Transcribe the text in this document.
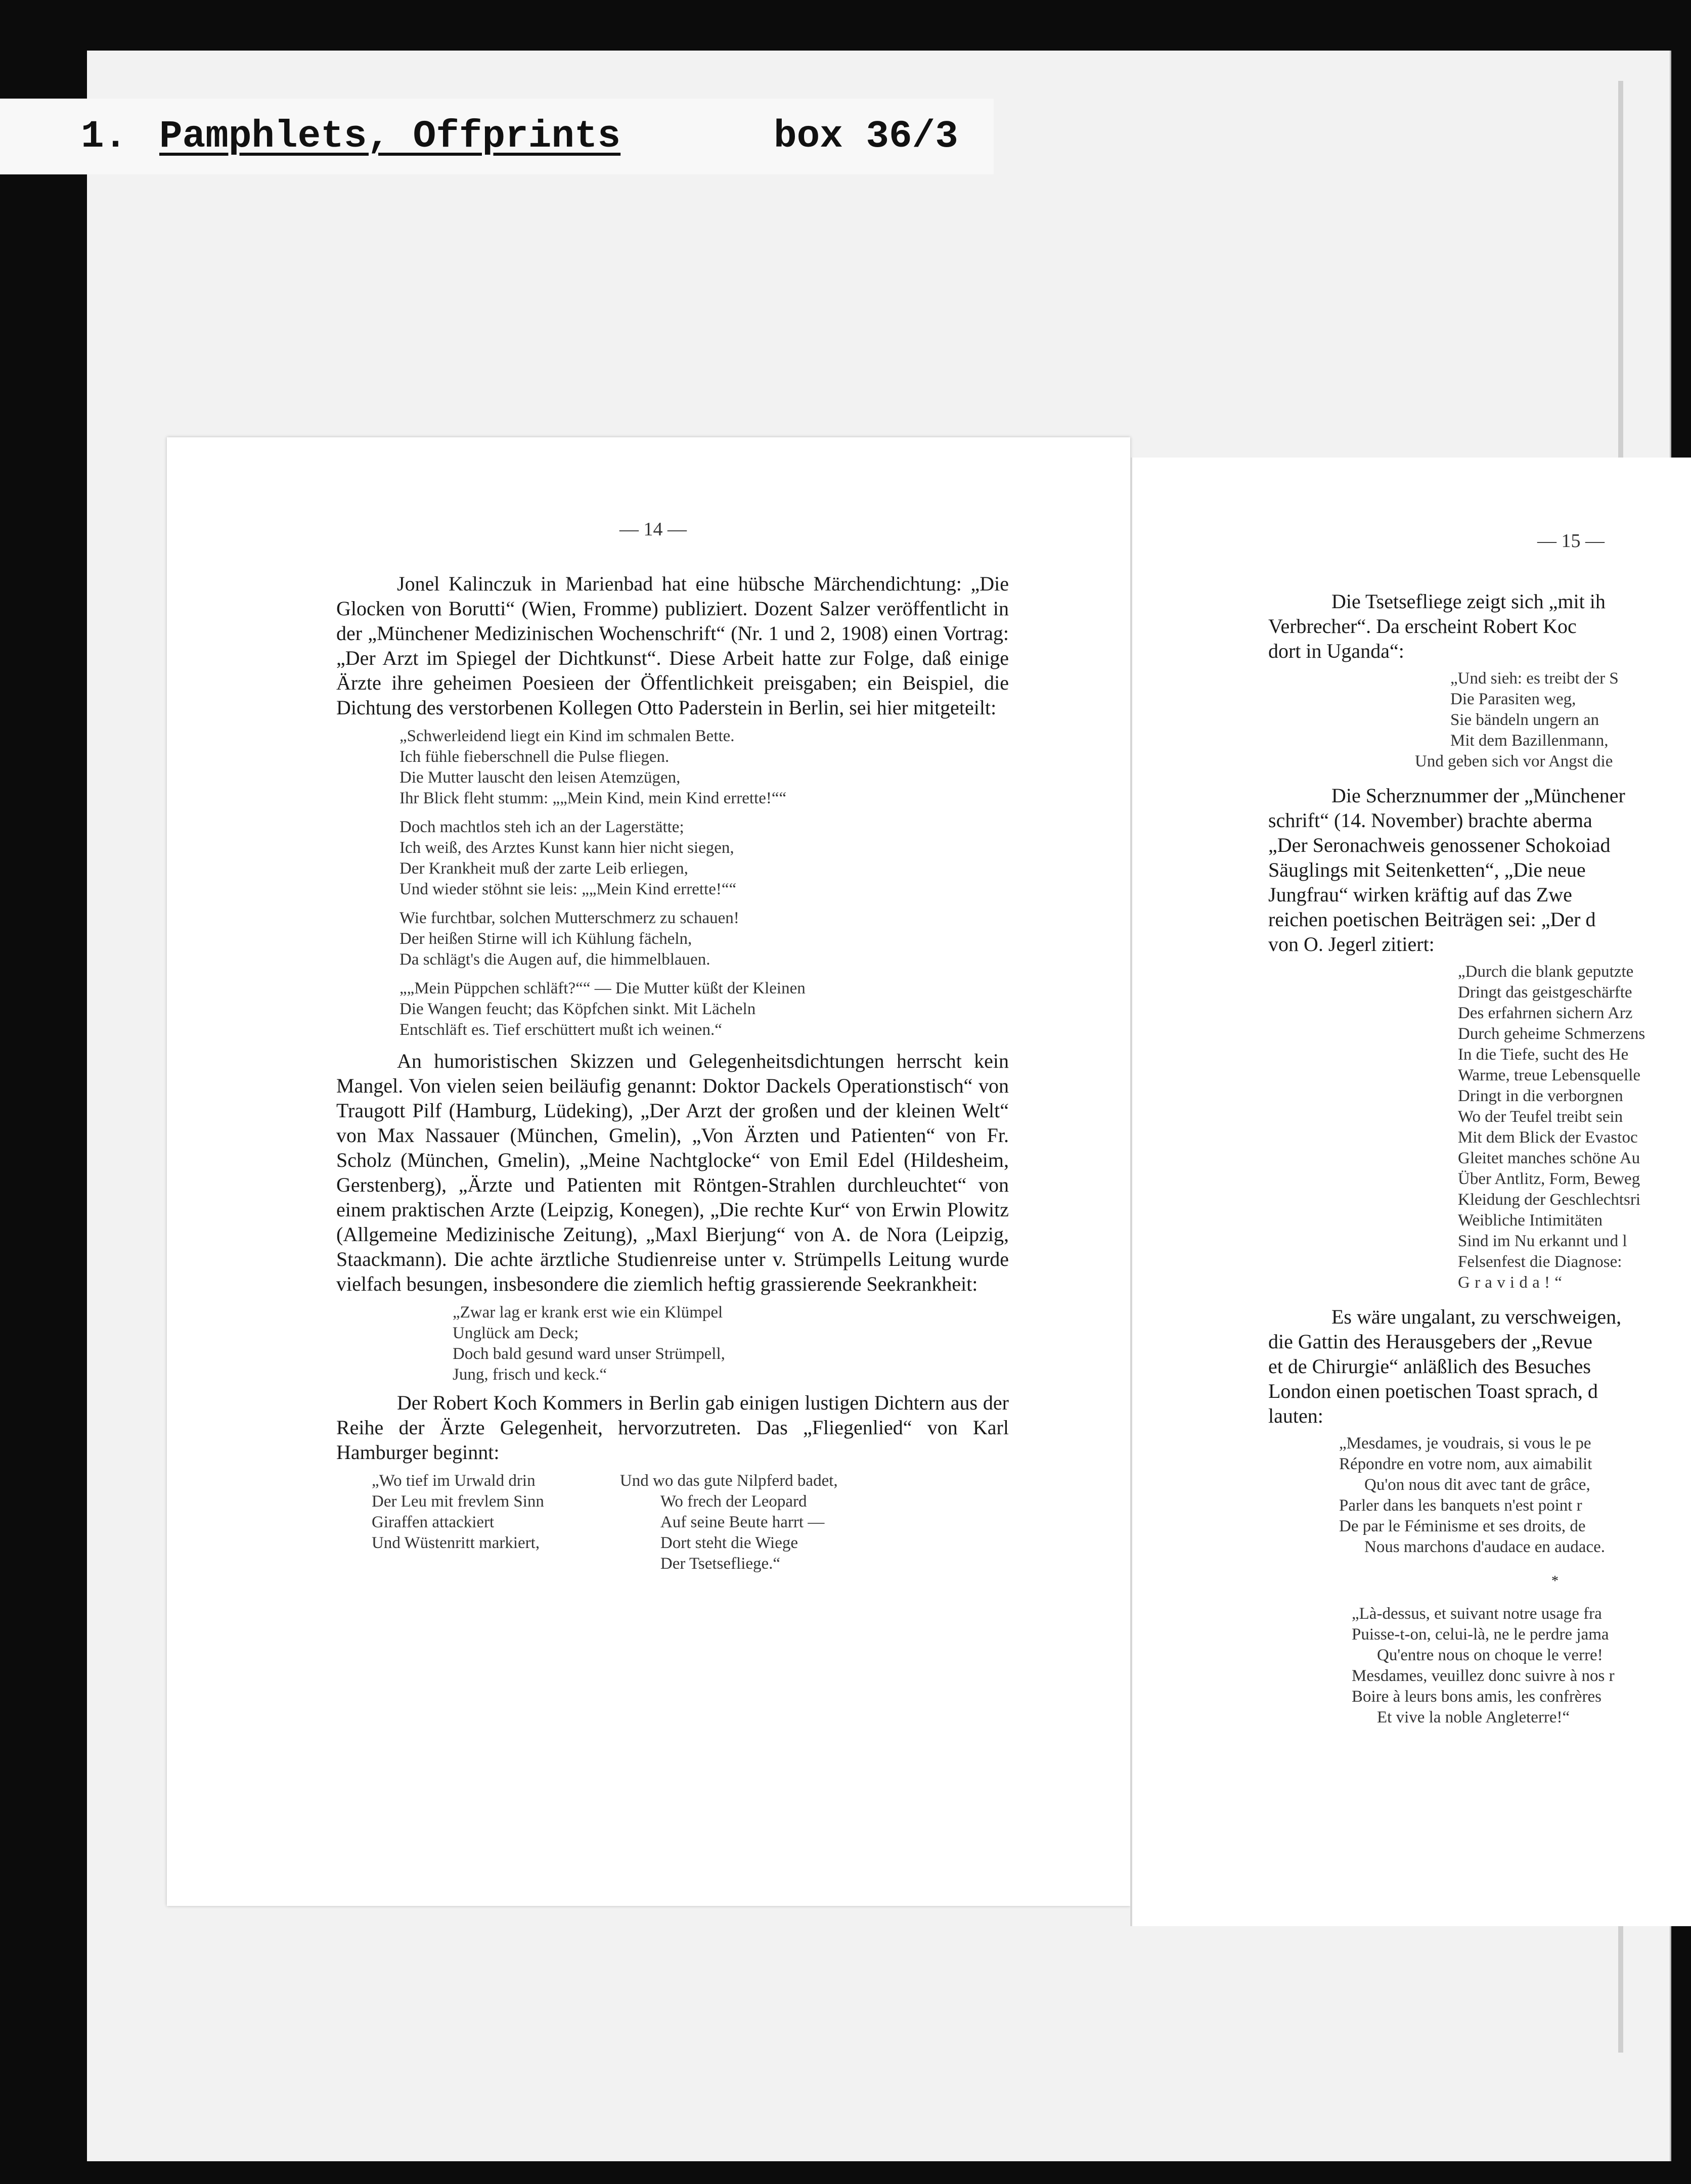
1. Pamphlets, Offprints	box 36/3
— 14 —
— 15 —

Jonel Kalinczuk in Marienbad hat eine hübsche Märchendichtung: „Die Glocken von Borutti“ (Wien, Fromme) publiziert. Dozent Salzer veröffentlicht in der „Münchener Medizinischen Wochenschrift“ (Nr. 1 und 2, 1908) einen Vortrag: „Der Arzt im Spiegel der Dichtkunst“. Diese Arbeit hatte zur Folge, daß einige Ärzte ihre geheimen Poesieen der Öffentlichkeit preisgaben; ein Beispiel, die Dichtung des verstorbenen Kollegen Otto Paderstein in Berlin, sei hier mitgeteilt:

„Schwerleidend liegt ein Kind im schmalen Bette.

Ich fühle fieberschnell die Pulse fliegen.

Die Mutter lauscht den leisen Atemzügen,

Ihr Blick fleht stumm: „„Mein Kind, mein Kind errette!““

Doch machtlos steh ich an der Lagerstätte;

Ich weiß, des Arztes Kunst kann hier nicht siegen,

Der Krankheit muß der zarte Leib erliegen,

Und wieder stöhnt sie leis: „„Mein Kind errette!““

Wie furchtbar, solchen Mutterschmerz zu schauen!

Der heißen Stirne will ich Kühlung fächeln,

Da schlägt's die Augen auf, die himmelblauen.

„„Mein Püppchen schläft?““ — Die Mutter küßt der Kleinen

Die Wangen feucht; das Köpfchen sinkt. Mit Lächeln

Entschläft es. Tief erschüttert mußt ich weinen.“

An humoristischen Skizzen und Gelegenheitsdichtungen herrscht kein Mangel. Von vielen seien beiläufig genannt: Doktor Dackels Operationstisch“ von Traugott Pilf (Hamburg, Lüdeking), „Der Arzt der großen und der kleinen Welt“ von Max Nassauer (München, Gmelin), „Von Ärzten und Patienten“ von Fr. Scholz (München, Gmelin), „Meine Nachtglocke“ von Emil Edel (Hildesheim, Gerstenberg), „Ärzte und Patienten mit Röntgen-Strahlen durchleuchtet“ von einem praktischen Arzte (Leipzig, Konegen), „Die rechte Kur“ von Erwin Plowitz (Allgemeine Medizinische Zeitung), „Maxl Bierjung“ von A. de Nora (Leipzig, Staackmann). Die achte ärztliche Studienreise unter v. Strümpells Leitung wurde vielfach besungen, insbesondere die ziemlich heftig grassierende Seekrankheit:

„Zwar lag er krank erst wie ein Klümpel

Unglück am Deck;

Doch bald gesund ward unser Strümpell,

Jung, frisch und keck.“

Der Robert Koch Kommers in Berlin gab einigen lustigen Dichtern aus der Reihe der Ärzte Gelegenheit, hervorzutreten. Das „Fliegenlied“ von Karl Hamburger beginnt:

„Wo tief im Urwald drin

Der Leu mit frevlem Sinn

Giraffen attackiert

Und Wüstenritt markiert,

Und wo das gute Nilpferd badet,

Wo frech der Leopard

Auf seine Beute harrt —

Dort steht die Wiege

Der Tsetsefliege.“

Die Tsetsefliege zeigt sich „mit ih

Verbrecher“. Da erscheint Robert Koc

dort in Uganda“:

„Und sieh: es treibt der S

Die Parasiten weg,

Sie bändeln ungern an

Mit dem Bazillenmann,

Und geben sich vor Angst die

Die Scherznummer der „Münchener

schrift“ (14. November) brachte aberma

„Der Seronachweis genossener Schokoiad

Säuglings mit Seitenketten“, „Die neue

Jungfrau“ wirken kräftig auf das Zwe

reichen poetischen Beiträgen sei: „Der d

von O. Jegerl zitiert:

„Durch die blank geputzte

Dringt das geistgeschärfte

Des erfahrnen sichern Arz

Durch geheime Schmerzens

In die Tiefe, sucht des He

Warme, treue Lebensquelle

Dringt in die verborgnen

Wo der Teufel treibt sein

Mit dem Blick der Evastoc

Gleitet manches schöne Au

Über Antlitz, Form, Beweg

Kleidung der Geschlechtsri

Weibliche Intimitäten

Sind im Nu erkannt und l

Felsenfest die Diagnose:

Gravida!“

Es wäre ungalant, zu verschweigen,

die Gattin des Herausgebers der „Revue

et de Chirurgie“ anläßlich des Besuches

London einen poetischen Toast sprach, d

lauten:

„Mesdames, je voudrais, si vous le pe

Répondre en votre nom, aux aimabilit

Qu'on nous dit avec tant de grâce,

Parler dans les banquets n'est point r

De par le Féminisme et ses droits, de

Nous marchons d'audace en audace.

*

„Là-dessus, et suivant notre usage fra

Puisse-t-on, celui-là, ne le perdre jama

Qu'entre nous on choque le verre!

Mesdames, veuillez donc suivre à nos r

Boire à leurs bons amis, les confrères

Et vive la noble Angleterre!“
